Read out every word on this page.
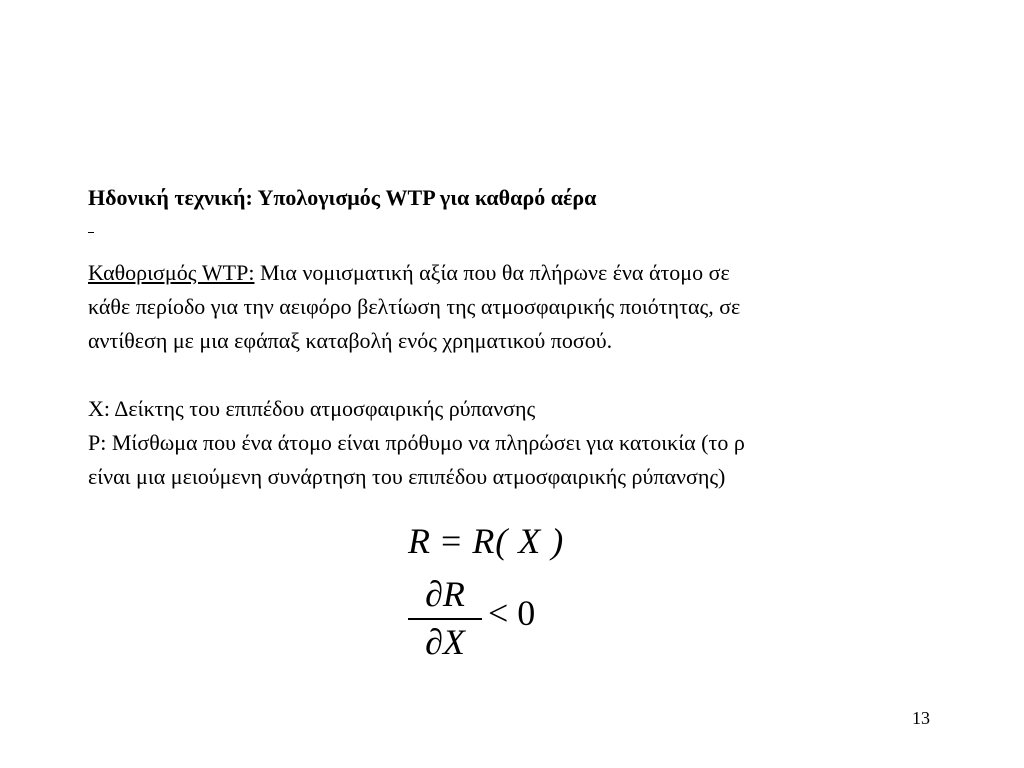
Ηδονική τεχνική: Υπολογισμός WTP για καθαρό αέρα
Καθορισμός WTP: Μια νομισματική αξία που θα πλήρωνε ένα άτομο σε
κάθε περίοδο για την αειφόρο βελτίωση της ατμοσφαιρικής ποιότητας, σε
αντίθεση με μια εφάπαξ καταβολή ενός χρηματικού ποσού.
Χ: Δείκτης του επιπέδου ατμοσφαιρικής ρύπανσης
Ρ: Μίσθωμα που ένα άτομο είναι πρόθυμο να πληρώσει για κατοικία (το ρ
είναι μια μειούμενη συνάρτηση του επιπέδου ατμοσφαιρικής ρύπανσης)
R = R( X )
∂R
∂X
< 0
13
